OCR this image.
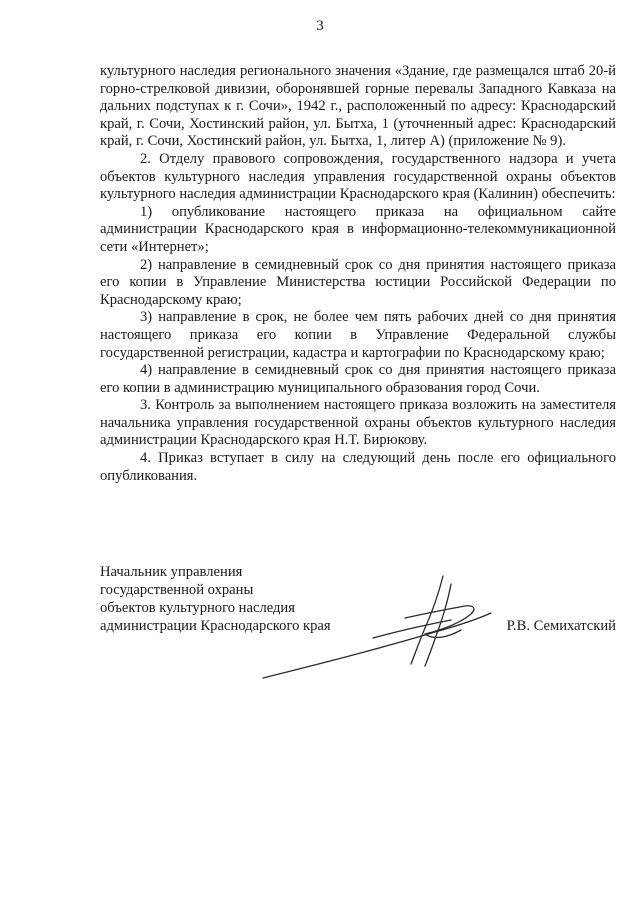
3

культурного наследия регионального значения «Здание, где размещался штаб 20-й горно-стрелковой дивизии, оборонявшей горные перевалы Западного Кавказа на дальних подступах к г. Сочи», 1942 г., расположенный по адресу: Краснодарский край, г. Сочи, Хостинский район, ул. Бытха, 1 (уточненный адрес: Краснодарский край, г. Сочи, Хостинский район, ул. Бытха, 1, литер А) (приложение № 9).

2. Отделу правового сопровождения, государственного надзора и учета объектов культурного наследия управления государственной охраны объектов культурного наследия администрации Краснодарского края (Калинин) обеспечить:

1) опубликование настоящего приказа на официальном сайте администрации Краснодарского края в информационно-телекоммуникационной сети «Интернет»;

2) направление в семидневный срок со дня принятия настоящего приказа его копии в Управление Министерства юстиции Российской Федерации по Краснодарскому краю;

3) направление в срок, не более чем пять рабочих дней со дня принятия настоящего приказа его копии в Управление Федеральной службы государственной регистрации, кадастра и картографии по Краснодарскому краю;

4) направление в семидневный срок со дня принятия настоящего приказа его копии в администрацию муниципального образования город Сочи.

3. Контроль за выполнением настоящего приказа возложить на заместителя начальника управления государственной охраны объектов культурного наследия администрации Краснодарского края Н.Т. Бирюкову.

4. Приказ вступает в силу на следующий день после его официального опубликования.

Начальник управления
государственной охраны
объектов культурного наследия
администрации Краснодарского края	Р.В. Семихатский
